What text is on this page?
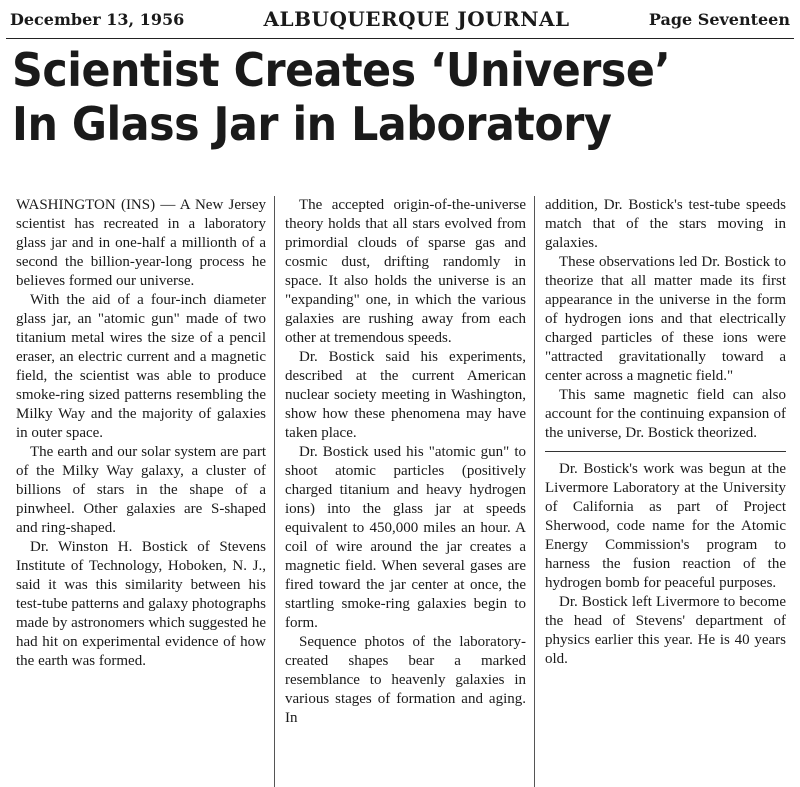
December 13, 1956	ALBUQUERQUE JOURNAL	Page Seventeen
Scientist Creates ‘Universe’
In Glass Jar in Laboratory

WASHINGTON (INS) — A New Jersey scientist has recreated in a laboratory glass jar and in one-half a millionth of a second the billion-year-long process he believes formed our universe.

With the aid of a four-inch diameter glass jar, an "atomic gun" made of two titanium metal wires the size of a pencil eraser, an electric current and a magnetic field, the scientist was able to produce smoke-ring sized patterns resembling the Milky Way and the majority of galaxies in outer space.

The earth and our solar system are part of the Milky Way galaxy, a cluster of billions of stars in the shape of a pinwheel. Other galaxies are S-shaped and ring-shaped.

Dr. Winston H. Bostick of Stevens Institute of Technology, Hoboken, N. J., said it was this similarity between his test-tube patterns and galaxy photographs made by astronomers which suggested he had hit on experimental evidence of how the earth was formed.

The accepted origin-of-the-universe theory holds that all stars evolved from primordial clouds of sparse gas and cosmic dust, drifting randomly in space. It also holds the universe is an "expanding" one, in which the various galaxies are rushing away from each other at tremendous speeds.

Dr. Bostick said his experiments, described at the current American nuclear society meeting in Washington, show how these phenomena may have taken place.

Dr. Bostick used his "atomic gun" to shoot atomic particles (positively charged titanium and heavy hydrogen ions) into the glass jar at speeds equivalent to 450,000 miles an hour. A coil of wire around the jar creates a magnetic field. When several gases are fired toward the jar center at once, the startling smoke-ring galaxies begin to form.

Sequence photos of the laboratory-created shapes bear a marked resemblance to heavenly galaxies in various stages of formation and aging. In

addition, Dr. Bostick's test-tube speeds match that of the stars moving in galaxies.

These observations led Dr. Bostick to theorize that all matter made its first appearance in the universe in the form of hydrogen ions and that electrically charged particles of these ions were "attracted gravitationally toward a center across a magnetic field."

This same magnetic field can also account for the continuing expansion of the universe, Dr. Bostick theorized.

Dr. Bostick's work was begun at the Livermore Laboratory at the University of California as part of Project Sherwood, code name for the Atomic Energy Commission's program to harness the fusion reaction of the hydrogen bomb for peaceful purposes.

Dr. Bostick left Livermore to become the head of Stevens' department of physics earlier this year. He is 40 years old.
